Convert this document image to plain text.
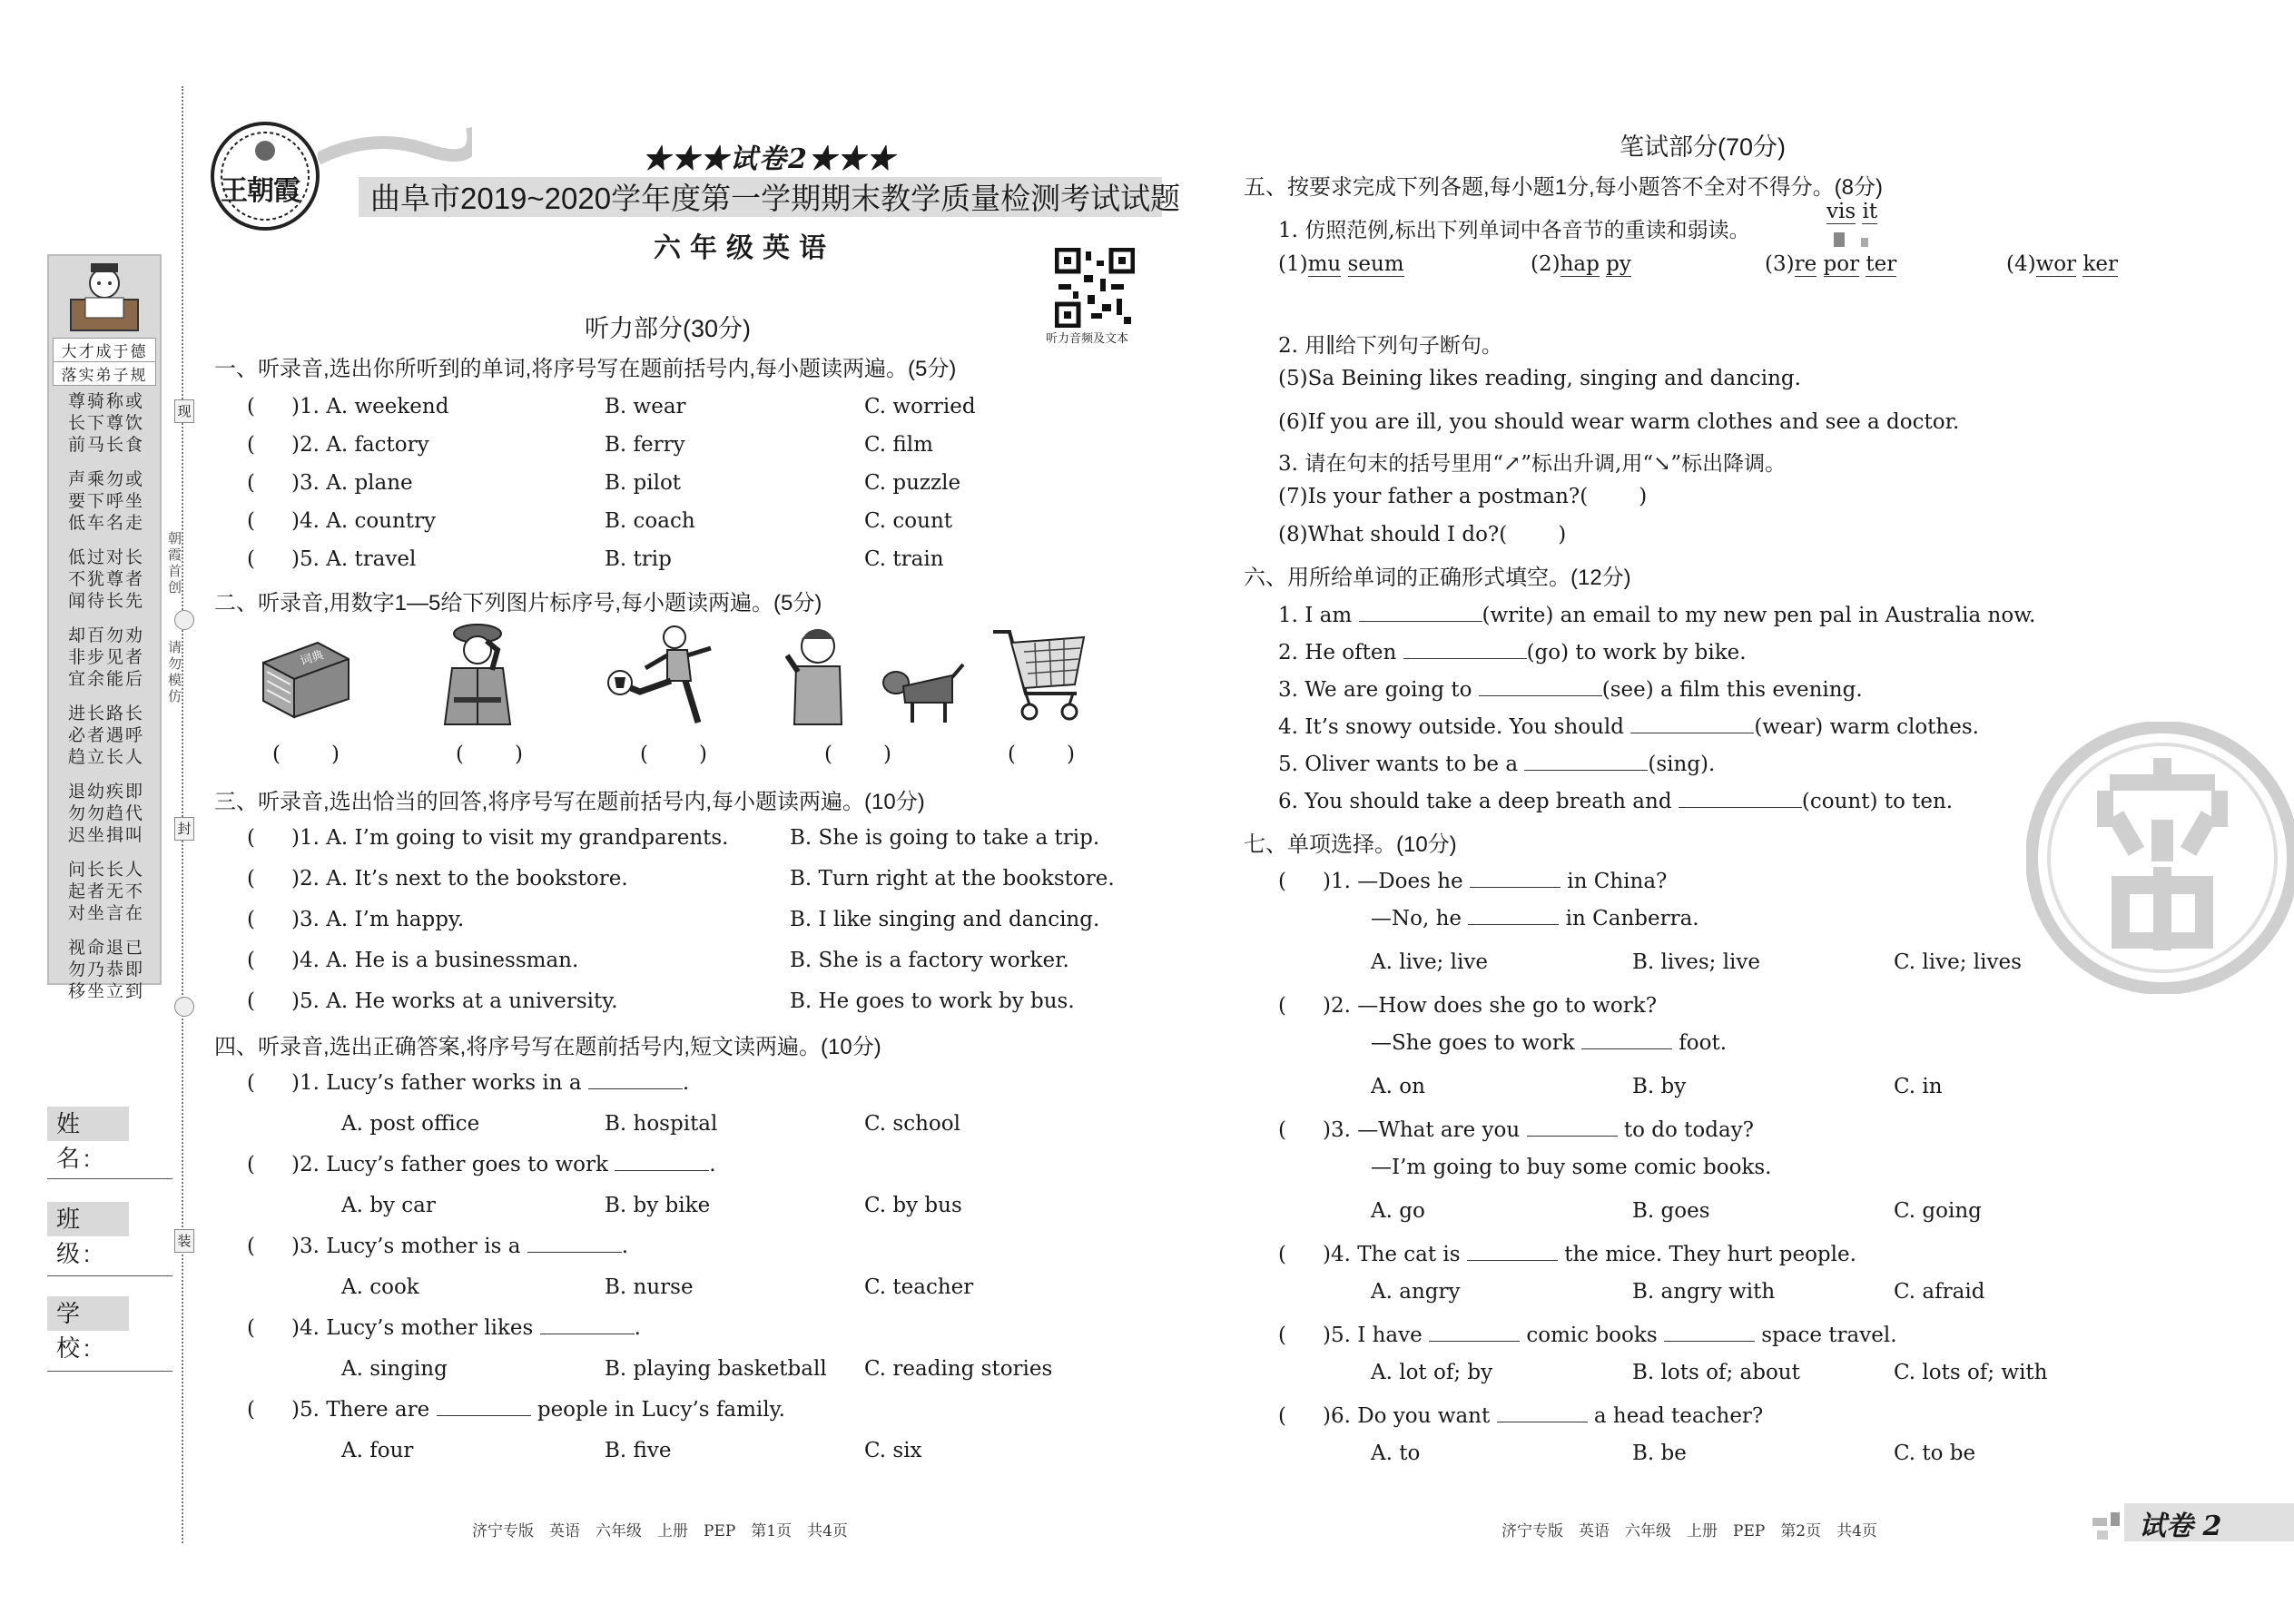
大才成于德
落实弟子规
尊骑称或
长下尊饮
前马长食
声乘勿或
要下呼坐
低车名走
低过对长
不犹尊者
闻待长先
却百勿劝
非步见者
宜余能后
进长路长
必者遇呼
趋立长人
退幼疾即
勿勿趋代
迟坐揖叫
问长长人
起者无不
对坐言在
视命退已
勿乃恭即
移坐立到
现
朝霞首创
请勿模仿
封
装
姓 名:
班 级:
学 校:
王朝霞
★★★试卷2★★★
曲阜市2019~2020学年度第一学期期末教学质量检测考试试题
六年级英语
听力音频及文本
听力部分(30分)
一、听录音,选出你所听到的单词,将序号写在题前括号内,每小题读两遍。(5分)
( )1. A. weekend	B. wear	C. worried
( )2. A. factory	B. ferry	C. film
( )3. A. plane	B. pilot	C. puzzle
( )4. A. country	B. coach	C. count
( )5. A. travel	B. trip	C. train
二、听录音,用数字1—5给下列图片标序号,每小题读两遍。(5分)
词典
( )	( )	( )	( )	( )
三、听录音,选出恰当的回答,将序号写在题前括号内,每小题读两遍。(10分)
( )1. A. I’m going to visit my grandparents.	B. She is going to take a trip.
( )2. A. It’s next to the bookstore.	B. Turn right at the bookstore.
( )3. A. I’m happy.	B. I like singing and dancing.
( )4. A. He is a businessman.	B. She is a factory worker.
( )5. A. He works at a university.	B. He goes to work by bus.
四、听录音,选出正确答案,将序号写在题前括号内,短文读两遍。(10分)
( )1. Lucy’s father works in a	.
A. post office	B. hospital	C. school
( )2. Lucy’s father goes to work	.
A. by car	B. by bike	C. by bus
( )3. Lucy’s mother is a	.
A. cook	B. nurse	C. teacher
( )4. Lucy’s mother likes	.
A. singing	B. playing basketball C. reading stories
( )5. There are	people in Lucy’s family.
A. four	B. five	C. six
济宁专版　英语　六年级　上册　PEP　第1页　共4页
笔试部分(70分)
五、按要求完成下列各题,每小题1分,每小题答不全对不得分。(8分)
1. 仿照范例,标出下列单词中各音节的重读和弱读。
vis it
(1)mu seum	(2)hap py	(3)re por ter	(4)wor ker
2. 用∥给下列句子断句。
(5)Sa Beining likes reading, singing and dancing.
(6)If you are ill, you should wear warm clothes and see a doctor.
3. 请在句末的括号里用“↗”标出升调,用“↘”标出降调。
(7)Is your father a postman?( )
(8)What should I do?( )
六、用所给单词的正确形式填空。(12分)
1. I am	(write) an email to my new pen pal in Australia now.
2. He often	(go) to work by bike.
3. We are going to	(see) a film this evening.
4. It’s snowy outside. You should	(wear) warm clothes.
5. Oliver wants to be a	(sing).
6. You should take a deep breath and	(count) to ten.
七、单项选择。(10分)
( )1. —Does he	in China?
—No, he	in Canberra.
A. live; live	B. lives; live	C. live; lives
( )2. —How does she go to work?
—She goes to work	foot.
A. on	B. by	C. in
( )3. —What are you	to do today?
—I’m going to buy some comic books.
A. go	B. goes	C. going
( )4. The cat is	the mice. They hurt people.
A. angry	B. angry with	C. afraid
( )5. I have	comic books	space travel.
A. lot of; by	B. lots of; about	C. lots of; with
( )6. Do you want	a head teacher?
A. to	B. be	C. to be
济宁专版　英语　六年级　上册　PEP　第2页　共4页	试卷 2
